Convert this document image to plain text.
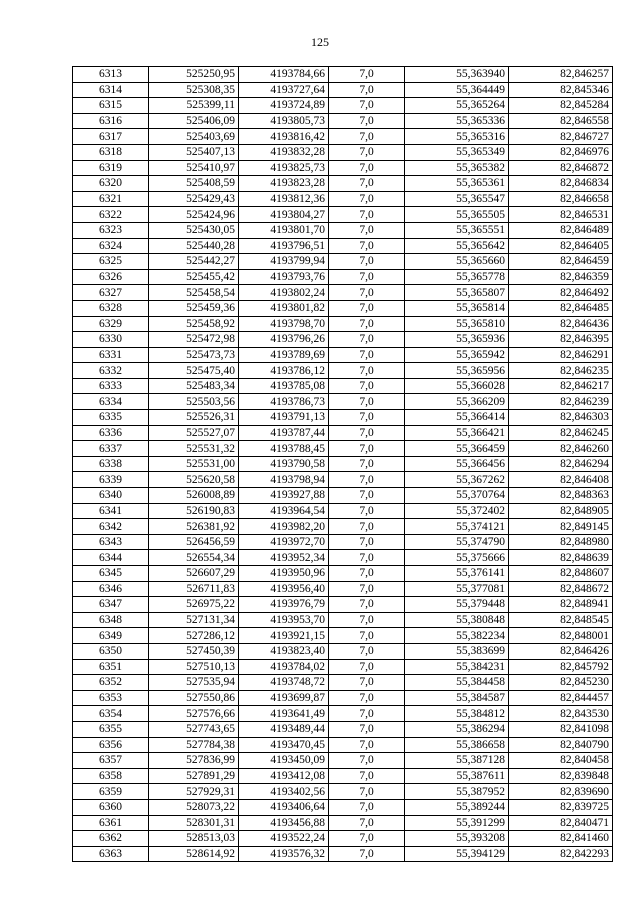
125
6313	525250,95	4193784,66	7,0	55,363940	82,846257
6314	525308,35	4193727,64	7,0	55,364449	82,845346
6315	525399,11	4193724,89	7,0	55,365264	82,845284
6316	525406,09	4193805,73	7,0	55,365336	82,846558
6317	525403,69	4193816,42	7,0	55,365316	82,846727
6318	525407,13	4193832,28	7,0	55,365349	82,846976
6319	525410,97	4193825,73	7,0	55,365382	82,846872
6320	525408,59	4193823,28	7,0	55,365361	82,846834
6321	525429,43	4193812,36	7,0	55,365547	82,846658
6322	525424,96	4193804,27	7,0	55,365505	82,846531
6323	525430,05	4193801,70	7,0	55,365551	82,846489
6324	525440,28	4193796,51	7,0	55,365642	82,846405
6325	525442,27	4193799,94	7,0	55,365660	82,846459
6326	525455,42	4193793,76	7,0	55,365778	82,846359
6327	525458,54	4193802,24	7,0	55,365807	82,846492
6328	525459,36	4193801,82	7,0	55,365814	82,846485
6329	525458,92	4193798,70	7,0	55,365810	82,846436
6330	525472,98	4193796,26	7,0	55,365936	82,846395
6331	525473,73	4193789,69	7,0	55,365942	82,846291
6332	525475,40	4193786,12	7,0	55,365956	82,846235
6333	525483,34	4193785,08	7,0	55,366028	82,846217
6334	525503,56	4193786,73	7,0	55,366209	82,846239
6335	525526,31	4193791,13	7,0	55,366414	82,846303
6336	525527,07	4193787,44	7,0	55,366421	82,846245
6337	525531,32	4193788,45	7,0	55,366459	82,846260
6338	525531,00	4193790,58	7,0	55,366456	82,846294
6339	525620,58	4193798,94	7,0	55,367262	82,846408
6340	526008,89	4193927,88	7,0	55,370764	82,848363
6341	526190,83	4193964,54	7,0	55,372402	82,848905
6342	526381,92	4193982,20	7,0	55,374121	82,849145
6343	526456,59	4193972,70	7,0	55,374790	82,848980
6344	526554,34	4193952,34	7,0	55,375666	82,848639
6345	526607,29	4193950,96	7,0	55,376141	82,848607
6346	526711,83	4193956,40	7,0	55,377081	82,848672
6347	526975,22	4193976,79	7,0	55,379448	82,848941
6348	527131,34	4193953,70	7,0	55,380848	82,848545
6349	527286,12	4193921,15	7,0	55,382234	82,848001
6350	527450,39	4193823,40	7,0	55,383699	82,846426
6351	527510,13	4193784,02	7,0	55,384231	82,845792
6352	527535,94	4193748,72	7,0	55,384458	82,845230
6353	527550,86	4193699,87	7,0	55,384587	82,844457
6354	527576,66	4193641,49	7,0	55,384812	82,843530
6355	527743,65	4193489,44	7,0	55,386294	82,841098
6356	527784,38	4193470,45	7,0	55,386658	82,840790
6357	527836,99	4193450,09	7,0	55,387128	82,840458
6358	527891,29	4193412,08	7,0	55,387611	82,839848
6359	527929,31	4193402,56	7,0	55,387952	82,839690
6360	528073,22	4193406,64	7,0	55,389244	82,839725
6361	528301,31	4193456,88	7,0	55,391299	82,840471
6362	528513,03	4193522,24	7,0	55,393208	82,841460
6363	528614,92	4193576,32	7,0	55,394129	82,842293
